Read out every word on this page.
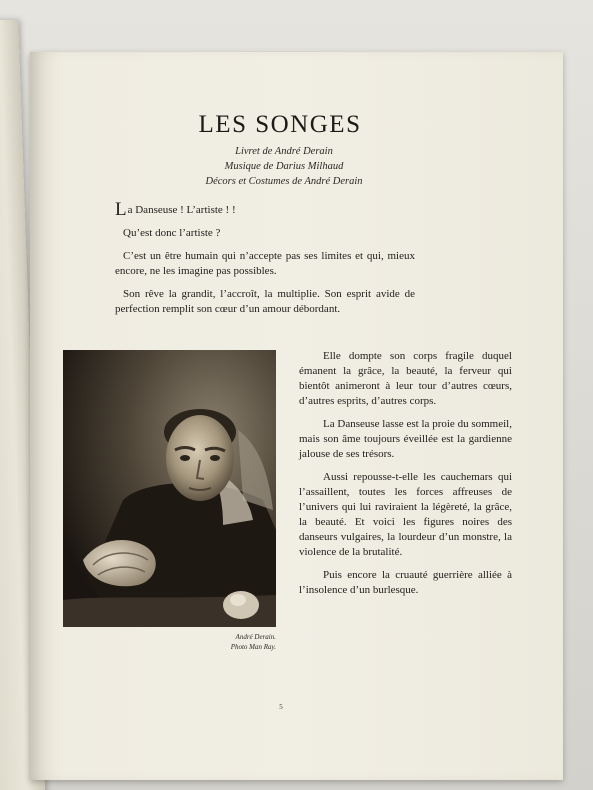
LES SONGES
Livret de André Derain
Musique de Darius Milhaud
Décors et Costumes de André Derain

La Danseuse ! L’artiste ! !

Qu’est donc l’artiste ?

C’est un être humain qui n’accepte pas ses limites et qui, mieux encore, ne les imagine pas possibles.

Son rêve la grandit, l’accroît, la multiplie. Son esprit avide de perfection remplit son cœur d’un amour débordant.

André Derain.
Photo Man Ray.

Elle dompte son corps fragile duquel émanent la grâce, la beauté, la ferveur qui bientôt animeront à leur tour d’autres cœurs, d’autres esprits, d’autres corps.

La Danseuse lasse est la proie du sommeil, mais son âme toujours éveillée est la gardienne jalouse de ses trésors.

Aussi repousse-t-elle les cauchemars qui l’assaillent, toutes les forces affreuses de l’univers qui lui raviraient la légèreté, la grâce, la beauté. Et voici les figures noires des danseurs vulgaires, la lourdeur d’un monstre, la violence de la brutalité.

Puis encore la cruauté guerrière alliée à l’insolence d’un burlesque.

5
